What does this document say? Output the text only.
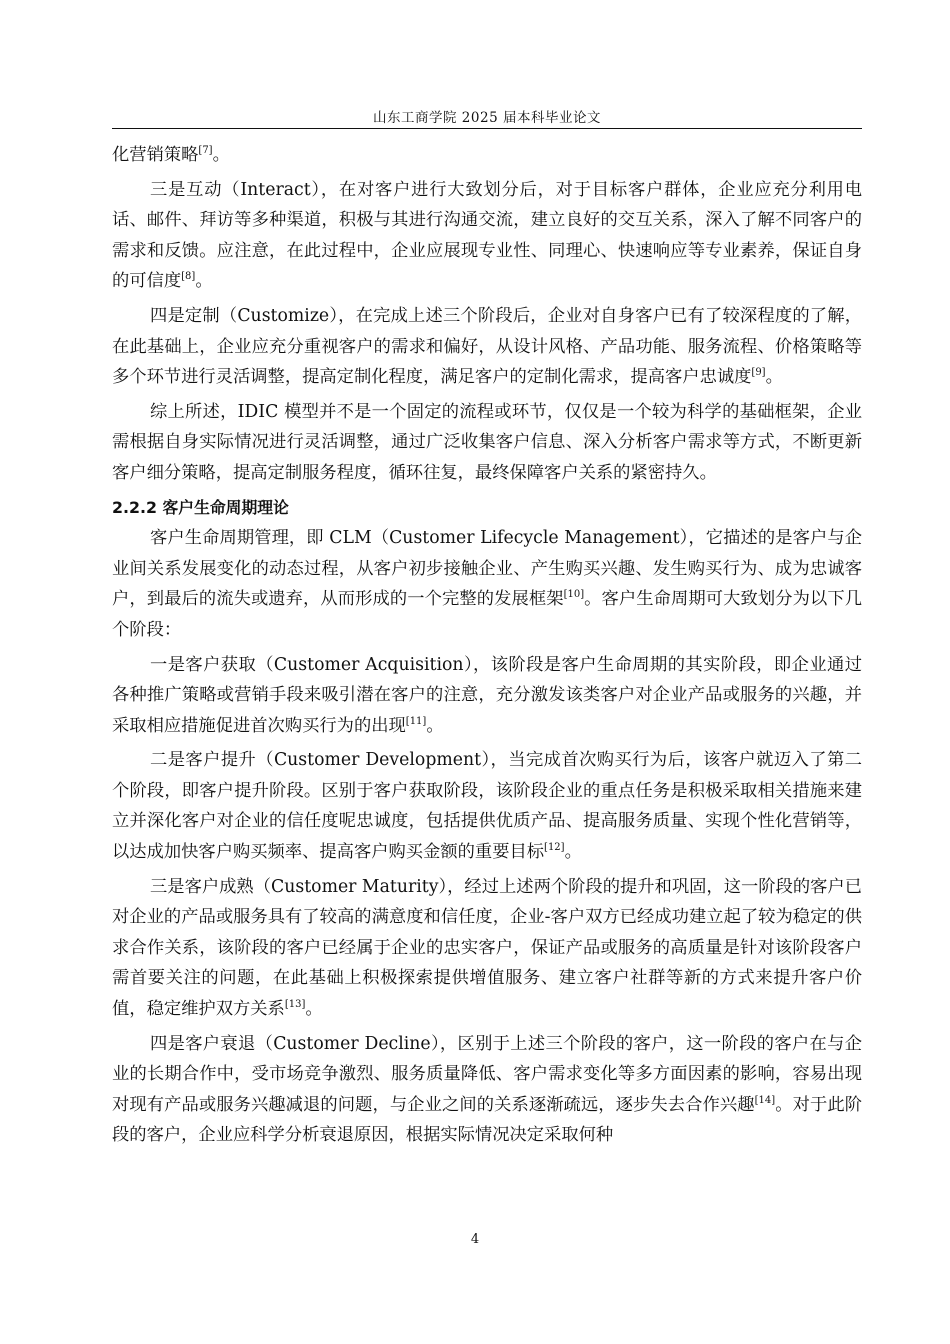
山东工商学院 2025 届本科毕业论文

化营销策略[7]。

三是互动（Interact），在对客户进行大致划分后，对于目标客户群体，企业应充分利用电话、邮件、拜访等多种渠道，积极与其进行沟通交流，建立良好的交互关系，深入了解不同客户的需求和反馈。应注意，在此过程中，企业应展现专业性、同理心、快速响应等专业素养，保证自身的可信度[8]。

四是定制（Customize），在完成上述三个阶段后，企业对自身客户已有了较深程度的了解，在此基础上，企业应充分重视客户的需求和偏好，从设计风格、产品功能、服务流程、价格策略等多个环节进行灵活调整，提高定制化程度，满足客户的定制化需求，提高客户忠诚度[9]。

综上所述，IDIC 模型并不是一个固定的流程或环节，仅仅是一个较为科学的基础框架，企业需根据自身实际情况进行灵活调整，通过广泛收集客户信息、深入分析客户需求等方式，不断更新客户细分策略，提高定制服务程度，循环往复，最终保障客户关系的紧密持久。

2.2.2 客户生命周期理论

客户生命周期管理，即 CLM（Customer Lifecycle Management），它描述的是客户与企业间关系发展变化的动态过程，从客户初步接触企业、产生购买兴趣、发生购买行为、成为忠诚客户，到最后的流失或遗弃，从而形成的一个完整的发展框架[10]。客户生命周期可大致划分为以下几个阶段：

一是客户获取（Customer Acquisition），该阶段是客户生命周期的其实阶段，即企业通过各种推广策略或营销手段来吸引潜在客户的注意，充分激发该类客户对企业产品或服务的兴趣，并采取相应措施促进首次购买行为的出现[11]。

二是客户提升（Customer Development），当完成首次购买行为后，该客户就迈入了第二个阶段，即客户提升阶段。区别于客户获取阶段，该阶段企业的重点任务是积极采取相关措施来建立并深化客户对企业的信任度呢忠诚度，包括提供优质产品、提高服务质量、实现个性化营销等，以达成加快客户购买频率、提高客户购买金额的重要目标[12]。

三是客户成熟（Customer Maturity），经过上述两个阶段的提升和巩固，这一阶段的客户已对企业的产品或服务具有了较高的满意度和信任度，企业-客户双方已经成功建立起了较为稳定的供求合作关系，该阶段的客户已经属于企业的忠实客户，保证产品或服务的高质量是针对该阶段客户需首要关注的问题，在此基础上积极探索提供增值服务、建立客户社群等新的方式来提升客户价值，稳定维护双方关系[13]。

四是客户衰退（Customer Decline），区别于上述三个阶段的客户，这一阶段的客户在与企业的长期合作中，受市场竞争激烈、服务质量降低、客户需求变化等多方面因素的影响，容易出现对现有产品或服务兴趣减退的问题，与企业之间的关系逐渐疏远，逐步失去合作兴趣[14]。对于此阶段的客户，企业应科学分析衰退原因，根据实际情况决定采取何种

4
